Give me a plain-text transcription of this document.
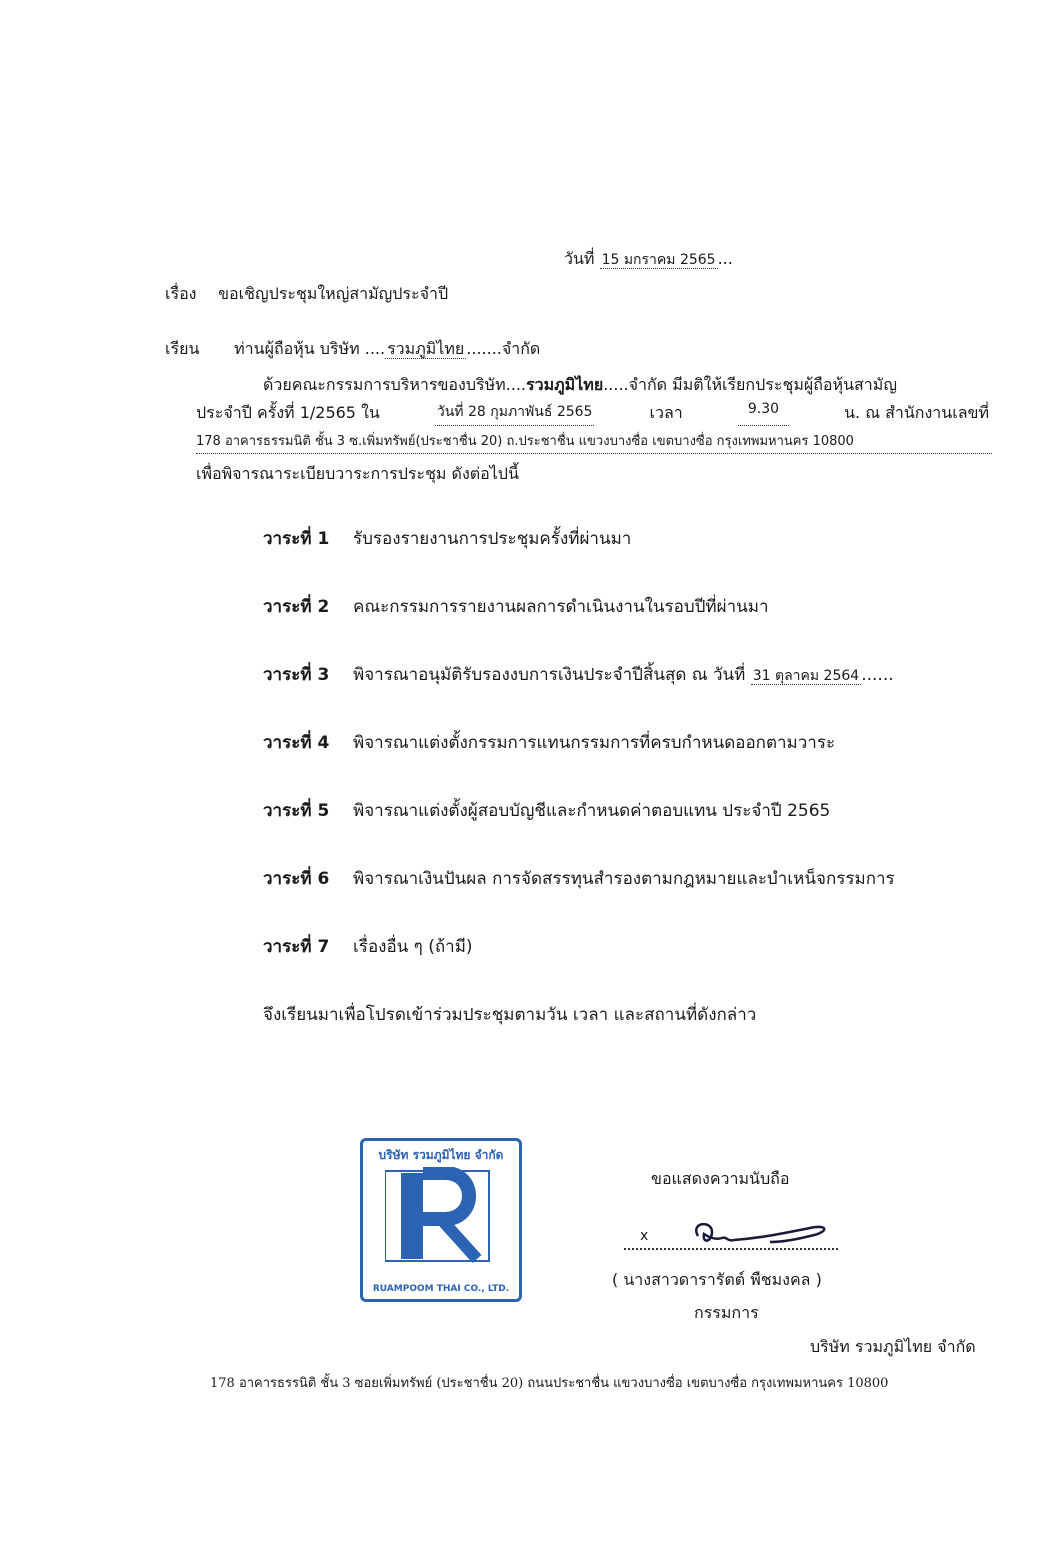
วันที่ 15 มกราคม 2565 ...
เรื่อง ขอเชิญประชุมใหญ่สามัญประจำปี
เรียน ท่านผู้ถือหุ้น บริษัท .... รวมภูมิไทย .......จำกัด
ด้วยคณะกรรมการบริหารของบริษัท....รวมภูมิไทย.....จำกัด มีมติให้เรียกประชุมผู้ถือหุ้นสามัญ
ประจำปี ครั้งที่ 1/2565 ใน	วันที่ 28 กุมภาพันธ์ 2565	เวลา	9.30	น. ณ สำนักงานเลขที่
178 อาคารธรรมนิติ ชั้น 3 ซ.เพิ่มทรัพย์(ประชาชื่น 20) ถ.ประชาชื่น แขวงบางซื่อ เขตบางซื่อ กรุงเทพมหานคร 10800
เพื่อพิจารณาระเบียบวาระการประชุม ดังต่อไปนี้
วาระที่ 1 รับรองรายงานการประชุมครั้งที่ผ่านมา
วาระที่ 2 คณะกรรมการรายงานผลการดำเนินงานในรอบปีที่ผ่านมา
วาระที่ 3 พิจารณาอนุมัติรับรองงบการเงินประจำปีสิ้นสุด ณ วันที่ 31 ตุลาคม 2564 ......
วาระที่ 4 พิจารณาแต่งตั้งกรรมการแทนกรรมการที่ครบกำหนดออกตามวาระ
วาระที่ 5 พิจารณาแต่งตั้งผู้สอบบัญชีและกำหนดค่าตอบแทน ประจำปี 2565
วาระที่ 6 พิจารณาเงินปันผล การจัดสรรทุนสำรองตามกฎหมายและบำเหน็จกรรมการ
วาระที่ 7 เรื่องอื่น ๆ (ถ้ามี)
จึงเรียนมาเพื่อโปรดเข้าร่วมประชุมตามวัน เวลา และสถานที่ดังกล่าว
บริษัท รวมภูมิไทย จำกัด
RUAMPOOM THAI CO., LTD.
ขอแสดงความนับถือ
x
( นางสาวดารารัตต์ พืชมงคล )
กรรมการ
บริษัท รวมภูมิไทย จำกัด
178 อาคารธรรนิติ ชั้น 3 ซอยเพิ่มทรัพย์ (ประชาชื่น 20) ถนนประชาชื่น แขวงบางซื่อ เขตบางซื่อ กรุงเทพมหานคร 10800
